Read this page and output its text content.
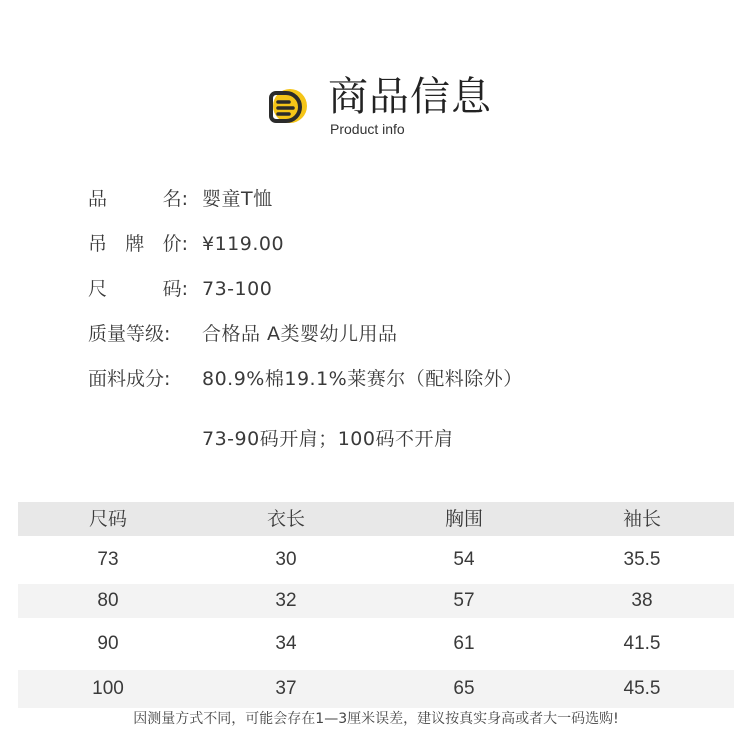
商品信息
Product info
品	名: 婴童T恤
吊 牌 价: ¥119.00
尺	码: 73-100
质量等级: 合格品 A类婴幼儿用品
面料成分: 80.9%棉19.1%莱赛尔（配料除外）
73-90码开肩；100码不开肩
尺码	衣长	胸围	袖长
73	30	54	35.5
80	32	57	38
90	34	61	41.5
100	37	65	45.5
因测量方式不同，可能会存在1—3厘米误差，建议按真实身高或者大一码选购!
